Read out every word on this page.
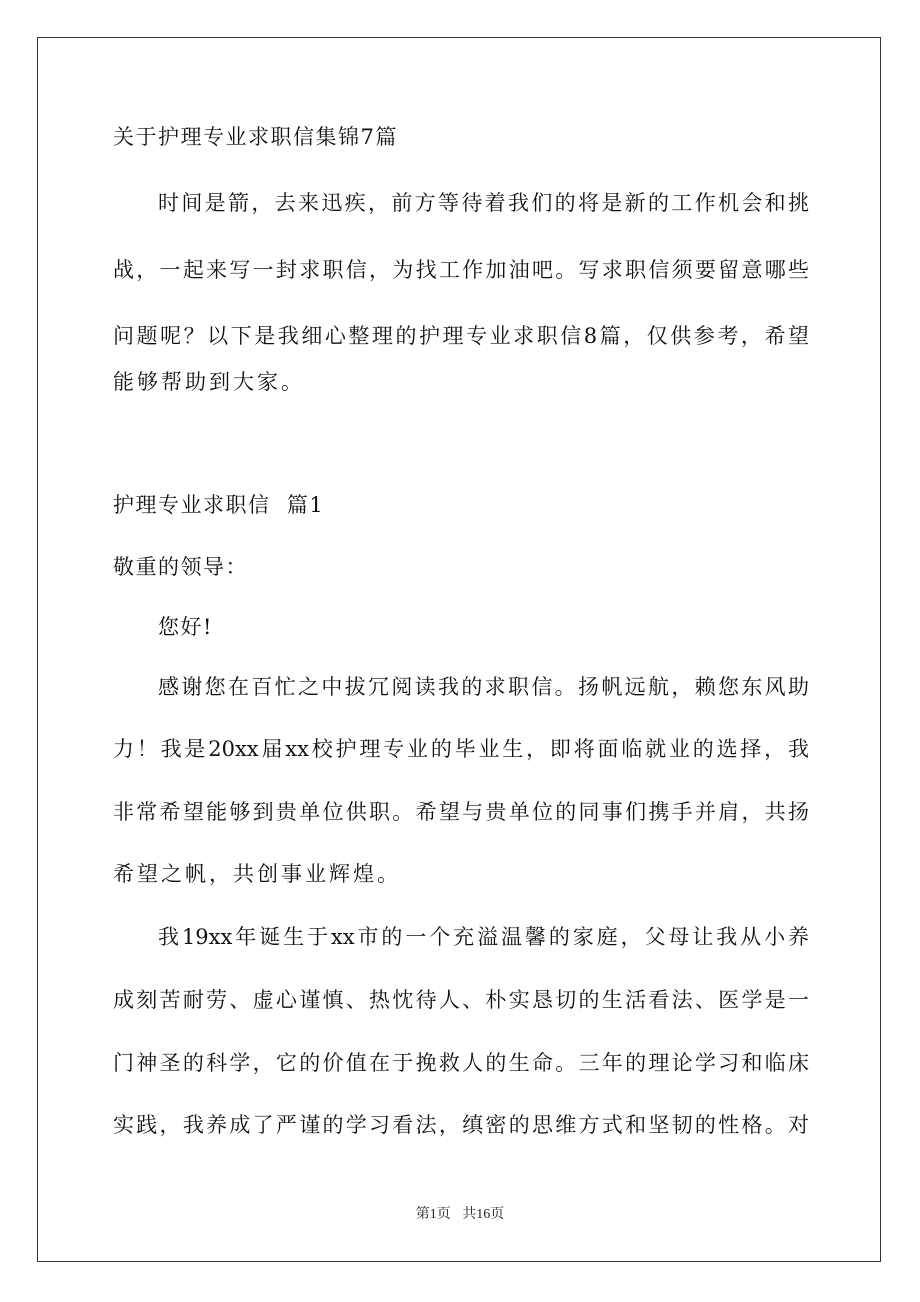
关于护理专业求职信集锦7篇
时间是箭，去来迅疾，前方等待着我们的将是新的工作机会和挑
战，一起来写一封求职信，为找工作加油吧。写求职信须要留意哪些
问题呢？以下是我细心整理的护理专业求职信8篇，仅供参考，希望
能够帮助到大家。
护理专业求职信  篇1
敬重的领导：
您好!
感谢您在百忙之中拔冗阅读我的求职信。扬帆远航，赖您东风助
力！我是20xx届xx校护理专业的毕业生，即将面临就业的选择，我
非常希望能够到贵单位供职。希望与贵单位的同事们携手并肩，共扬
希望之帆，共创事业辉煌。
我19xx年诞生于xx市的一个充溢温馨的家庭，父母让我从小养
成刻苦耐劳、虚心谨慎、热忱待人、朴实恳切的生活看法、医学是一
门神圣的科学，它的价值在于挽救人的生命。三年的理论学习和临床
实践，我养成了严谨的学习看法，缜密的思维方式和坚韧的性格。对
第1页 共16页
